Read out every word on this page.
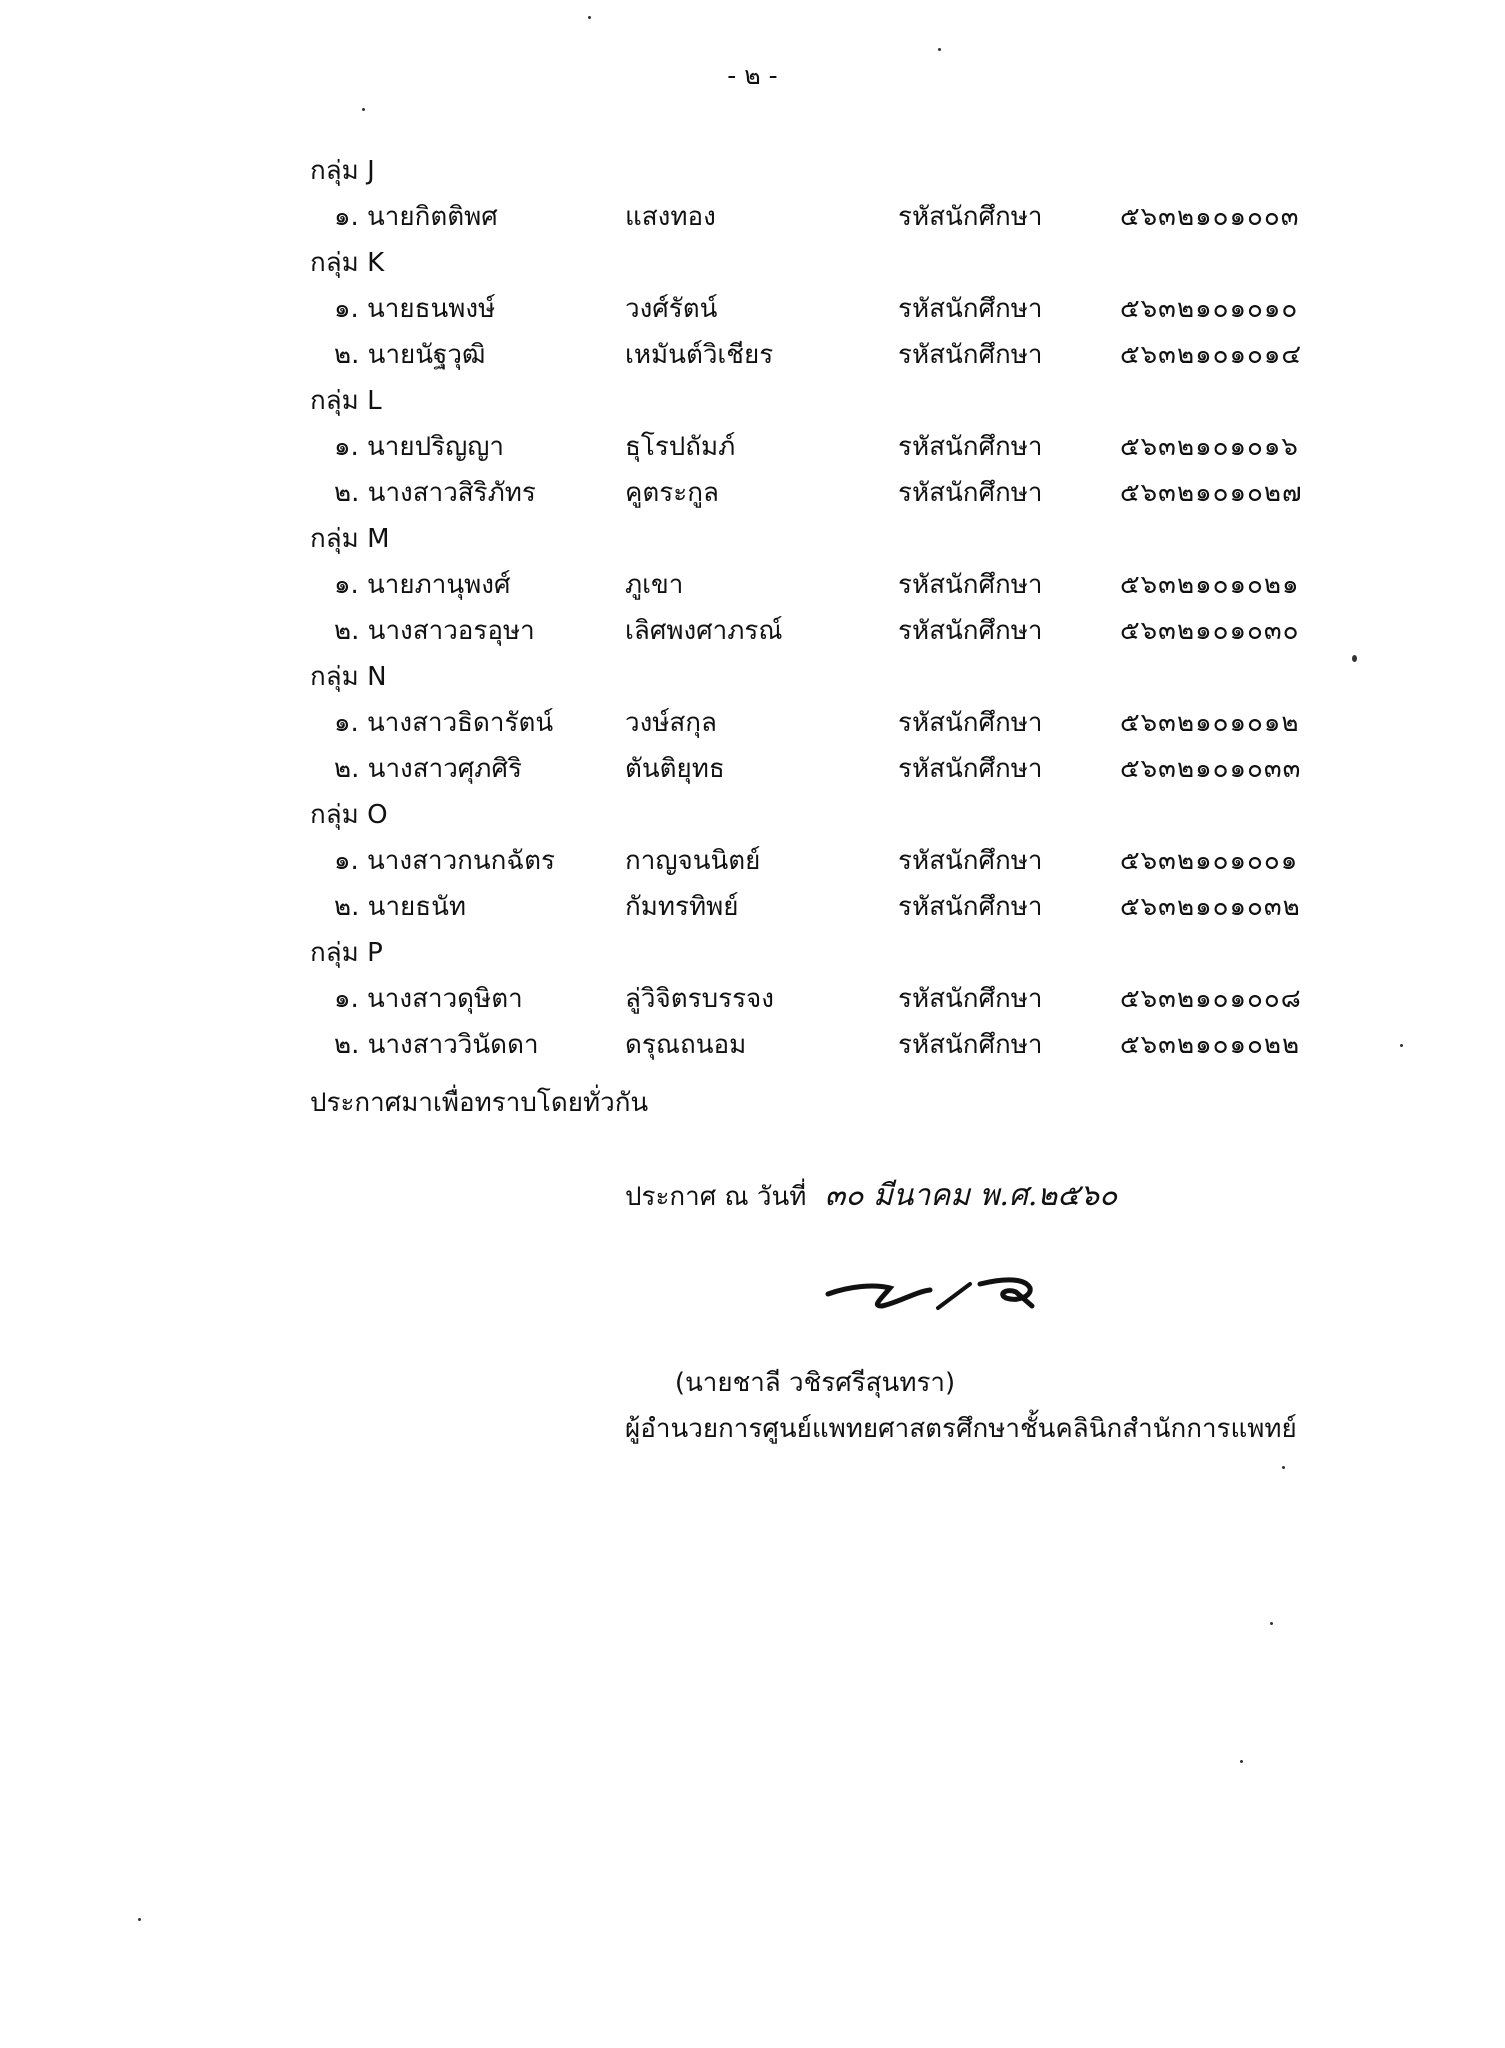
- ๒ -
กลุ่ม J
๑. นายกิตติพศ	แสงทอง	รหัสนักศึกษา	๕๖๓๒๑๐๑๐๐๓
กลุ่ม K
๑. นายธนพงษ์	วงศ์รัตน์	รหัสนักศึกษา	๕๖๓๒๑๐๑๐๑๐
๒. นายนัฐวุฒิ	เหมันต์วิเชียร	รหัสนักศึกษา	๕๖๓๒๑๐๑๐๑๔
กลุ่ม L
๑. นายปริญญา	ธุโรปถัมภ์	รหัสนักศึกษา	๕๖๓๒๑๐๑๐๑๖
๒. นางสาวสิริภัทร	คูตระกูล	รหัสนักศึกษา	๕๖๓๒๑๐๑๐๒๗
กลุ่ม M
๑. นายภานุพงศ์	ภูเขา	รหัสนักศึกษา	๕๖๓๒๑๐๑๐๒๑
๒. นางสาวอรอุษา	เลิศพงศาภรณ์	รหัสนักศึกษา	๕๖๓๒๑๐๑๐๓๐
กลุ่ม N
๑. นางสาวธิดารัตน์	วงษ์สกุล	รหัสนักศึกษา	๕๖๓๒๑๐๑๐๑๒
๒. นางสาวศุภศิริ	ตันติยุทธ	รหัสนักศึกษา	๕๖๓๒๑๐๑๐๓๓
กลุ่ม O
๑. นางสาวกนกฉัตร	กาญจนนิตย์	รหัสนักศึกษา	๕๖๓๒๑๐๑๐๐๑
๒. นายธนัท	กัมทรทิพย์	รหัสนักศึกษา	๕๖๓๒๑๐๑๐๓๒
กลุ่ม P
๑. นางสาวดุษิตา	ลู่วิจิตรบรรจง	รหัสนักศึกษา	๕๖๓๒๑๐๑๐๐๘
๒. นางสาววินัดดา	ดรุณถนอม	รหัสนักศึกษา	๕๖๓๒๑๐๑๐๒๒
ประกาศมาเพื่อทราบโดยทั่วกัน
ประกาศ ณ วันที่ ๓๐ มีนาคม พ.ศ.๒๕๖๐
(นายชาลี วชิรศรีสุนทรา)
ผู้อำนวยการศูนย์แพทยศาสตรศึกษาชั้นคลินิกสำนักการแพทย์
